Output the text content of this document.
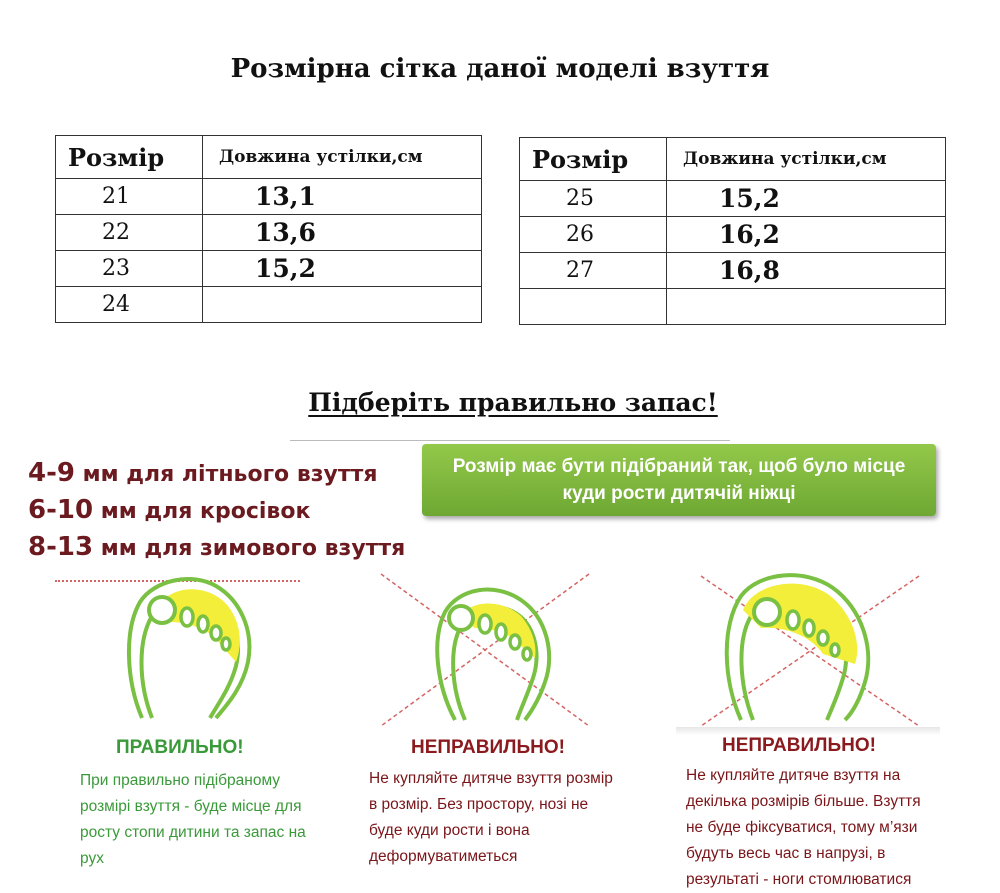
Розмірна сітка даної моделі взуття
Розмір	Довжина устілки,см
21	13,1
22	13,6
23	15,2
24	
Розмір	Довжина устілки,см
25	15,2
26	16,2
27	16,8

Підберіть правильно запас!
4-9 мм для літнього взуття
6-10 мм для кросівок
8-13 мм для зимового взуття
Розмір має бути підібраний так, щоб було місце
куди рости дитячій ніжці
ПРАВИЛЬНО!
При правильно підібраному
розмірі взуття - буде місце для
росту стопи дитини та запас на
рух
НЕПРАВИЛЬНО!
Не купляйте дитяче взуття розмір
в розмір. Без простору, нозі не
буде куди рости і вона
деформуватиметься
НЕПРАВИЛЬНО!
Не купляйте дитяче взуття на
декілька розмірів більше. Взуття
не буде фіксуватися, тому м’язи
будуть весь час в напрузі, в
результаті - ноги стомлюватися
